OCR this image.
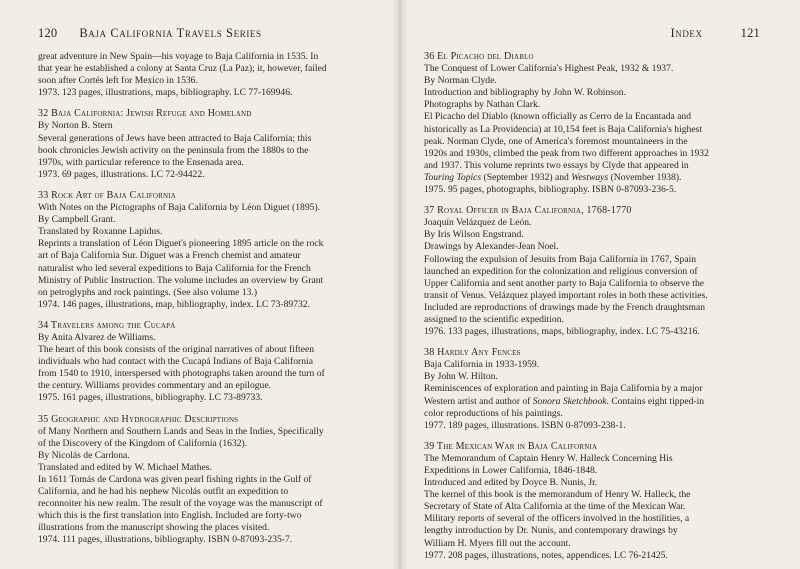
120 Baja California Travels Series

great adventure in New Spain—his voyage to Baja California in 1535. In

that year he established a colony at Santa Cruz (La Paz); it, however, failed

soon after Cortés left for Mexico in 1536.

1973. 123 pages, illustrations, maps, bibliography. LC 77-169946.

32 Baja California: Jewish Refuge and Homeland

By Norton B. Stern

Several generations of Jews have been attracted to Baja California; this

book chronicles Jewish activity on the peninsula from the 1880s to the

1970s, with particular reference to the Ensenada area.

1973. 69 pages, illustrations. LC 72-94422.

33 Rock Art of Baja California

With Notes on the Pictographs of Baja California by Léon Diguet (1895).

By Campbell Grant.

Translated by Roxanne Lapidus.

Reprints a translation of Léon Diguet's pioneering 1895 article on the rock

art of Baja California Sur. Diguet was a French chemist and amateur

naturalist who led several expeditions to Baja California for the French

Ministry of Public Instruction. The volume includes an overview by Grant

on petroglyphs and rock paintings. (See also volume 13.)

1974. 146 pages, illustrations, map, bibliography, index. LC 73-89732.

34 Travelers among the Cucapá

By Anita Alvarez de Williams.

The heart of this book consists of the original narratives of about fifteen

individuals who had contact with the Cucapá Indians of Baja California

from 1540 to 1910, interspersed with photographs taken around the turn of

the century. Williams provides commentary and an epilogue.

1975. 161 pages, illustrations, bibliography. LC 73-89733.

35 Geographic and Hydrographic Descriptions

of Many Northern and Southern Lands and Seas in the Indies, Specifically

of the Discovery of the Kingdom of California (1632).

By Nicolás de Cardona.

Translated and edited by W. Michael Mathes.

In 1611 Tomás de Cardona was given pearl fishing rights in the Gulf of

California, and he had his nephew Nicolás outfit an expedition to

reconnoiter his new realm. The result of the voyage was the manuscript of

which this is the first translation into English. Included are forty-two

illustrations from the manuscript showing the places visited.

1974. 111 pages, illustrations, bibliography. ISBN 0-87093-235-7.

Index	121

36 El Picacho del Diablo

The Conquest of Lower California's Highest Peak, 1932 & 1937.

By Norman Clyde.

Introduction and bibliography by John W. Robinson.

Photographs by Nathan Clark.

El Picacho del Diablo (known officially as Cerro de la Encantada and

historically as La Providencia) at 10,154 feet is Baja California's highest

peak. Norman Clyde, one of America's foremost mountaineers in the

1920s and 1930s, climbed the peak from two different approaches in 1932

and 1937. This volume reprints two essays by Clyde that appeared in

Touring Topics (September 1932) and Westways (November 1938).

1975. 95 pages, photographs, bibliography. ISBN 0-87093-236-5.

37 Royal Officer in Baja California, 1768-1770

Joaquín Velázquez de León.

By Iris Wilson Engstrand.

Drawings by Alexander-Jean Noel.

Following the expulsion of Jesuits from Baja California in 1767, Spain

launched an expedition for the colonization and religious conversion of

Upper California and sent another party to Baja California to observe the

transit of Venus. Velázquez played important roles in both these activities.

Included are reproductions of drawings made by the French draughtsman

assigned to the scientific expedition.

1976. 133 pages, illustrations, maps, bibliography, index. LC 75-43216.

38 Hardly Any Fences

Baja California in 1933-1959.

By John W. Hilton.

Reminiscences of exploration and painting in Baja California by a major

Western artist and author of Sonora Sketchbook. Contains eight tipped-in

color reproductions of his paintings.

1977. 189 pages, illustrations. ISBN 0-87093-238-1.

39 The Mexican War in Baja California

The Memorandum of Captain Henry W. Halleck Concerning His

Expeditions in Lower California, 1846-1848.

Introduced and edited by Doyce B. Nunis, Jr.

The kernel of this book is the memorandum of Henry W. Halleck, the

Secretary of State of Alta California at the time of the Mexican War.

Military reports of several of the officers involved in the hostilities, a

lengthy introduction by Dr. Nunis, and contemporary drawings by

William H. Myers fill out the account.

1977. 208 pages, illustrations, notes, appendices. LC 76-21425.
